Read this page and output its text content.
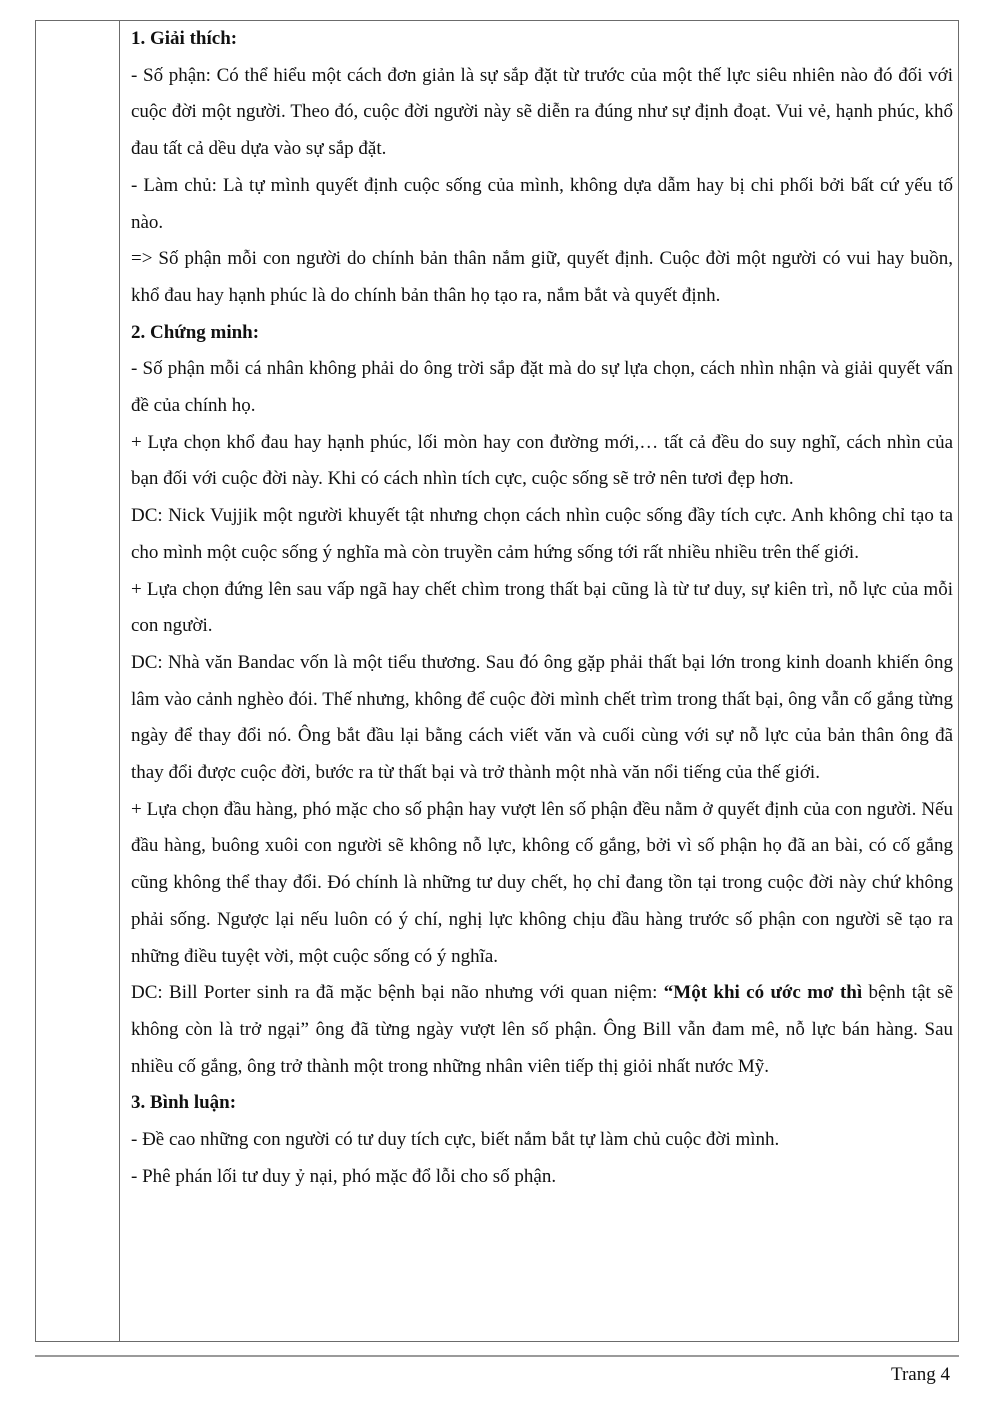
1. Giải thích:

- Số phận: Có thể hiểu một cách đơn giản là sự sắp đặt từ trước của một thế lực siêu nhiên nào đó đối với cuộc đời một người. Theo đó, cuộc đời người này sẽ diễn ra đúng như sự định đoạt. Vui vẻ, hạnh phúc, khổ đau tất cả dều dựa vào sự sắp đặt.

- Làm chủ: Là tự mình quyết định cuộc sống của mình, không dựa dẫm hay bị chi phối bởi bất cứ yếu tố nào.

=> Số phận mỗi con người do chính bản thân nắm giữ, quyết định. Cuộc đời một người có vui hay buồn, khổ đau hay hạnh phúc là do chính bản thân họ tạo ra, nắm bắt và quyết định.

2. Chứng minh:

- Số phận mỗi cá nhân không phải do ông trời sắp đặt mà do sự lựa chọn, cách nhìn nhận và giải quyết vấn đề của chính họ.

+ Lựa chọn khổ đau hay hạnh phúc, lối mòn hay con đường mới,… tất cả đều do suy nghĩ, cách nhìn của bạn đối với cuộc đời này. Khi có cách nhìn tích cực, cuộc sống sẽ trở nên tươi đẹp hơn.

DC: Nick Vujjik một người khuyết tật nhưng chọn cách nhìn cuộc sống đầy tích cực. Anh không chỉ tạo ta cho mình một cuộc sống ý nghĩa mà còn truyền cảm hứng sống tới rất nhiều nhiều trên thế giới.

+ Lựa chọn đứng lên sau vấp ngã hay chết chìm trong thất bại cũng là từ tư duy, sự kiên trì, nỗ lực của mỗi con người.

DC: Nhà văn Bandac vốn là một tiểu thương. Sau đó ông gặp phải thất bại lớn trong kinh doanh khiến ông lâm vào cảnh nghèo đói. Thế nhưng, không để cuộc đời mình chết trìm trong thất bại, ông vẫn cố gắng từng ngày để thay đổi nó. Ông bắt đầu lại bằng cách viết văn và cuối cùng với sự nỗ lực của bản thân ông đã thay đổi được cuộc đời, bước ra từ thất bại và trở thành một nhà văn nổi tiếng của thế giới.

+ Lựa chọn đầu hàng, phó mặc cho số phận hay vượt lên số phận đều nằm ở quyết định của con người. Nếu đầu hàng, buông xuôi con người sẽ không nỗ lực, không cố gắng, bởi vì số phận họ đã an bài, có cố gắng cũng không thể thay đổi. Đó chính là những tư duy chết, họ chỉ đang tồn tại trong cuộc đời này chứ không phải sống. Ngược lại nếu luôn có ý chí, nghị lực không chịu đầu hàng trước số phận con người sẽ tạo ra những điều tuyệt vời, một cuộc sống có ý nghĩa.

DC: Bill Porter sinh ra đã mặc bệnh bại não nhưng với quan niệm: “Một khi có ước mơ thì bệnh tật sẽ không còn là trở ngại” ông đã từng ngày vượt lên số phận. Ông Bill vẫn đam mê, nỗ lực bán hàng. Sau nhiều cố gắng, ông trở thành một trong những nhân viên tiếp thị giỏi nhất nước Mỹ.

3. Bình luận:

- Đề cao những con người có tư duy tích cực, biết nắm bắt tự làm chủ cuộc đời mình.

- Phê phán lối tư duy ỷ nại, phó mặc đổ lỗi cho số phận.

Trang 4
